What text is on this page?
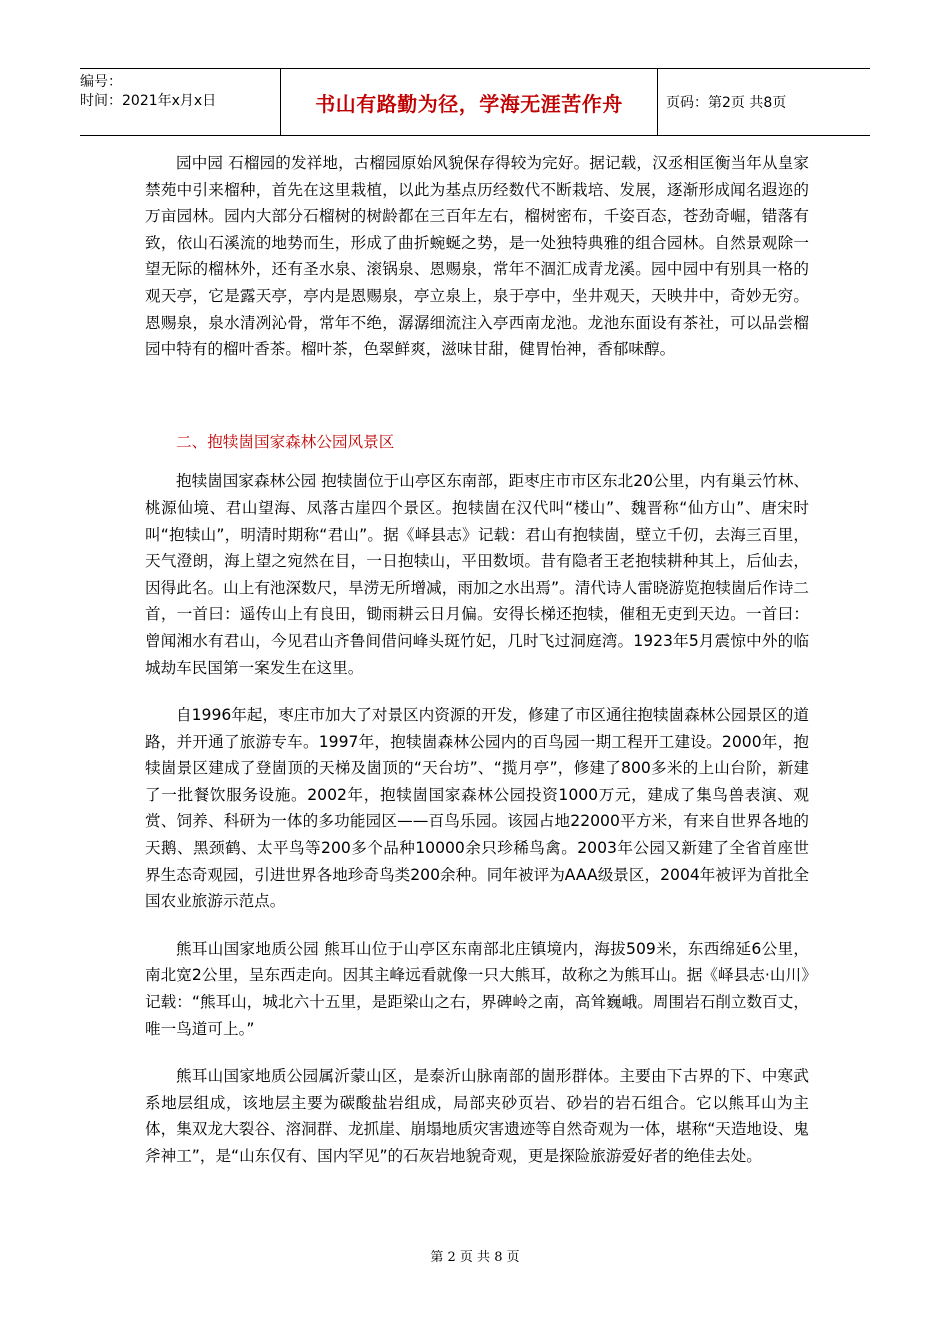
编号：
时间：2021年x月x日	书山有路勤为径，学海无涯苦作舟	页码：第2页 共8页

园中园 石榴园的发祥地，古榴园原始风貌保存得较为完好。据记载，汉丞相匡衡当年从皇家禁苑中引来榴种，首先在这里栽植，以此为基点历经数代不断栽培、发展，逐渐形成闻名遐迩的万亩园林。园内大部分石榴树的树龄都在三百年左右，榴树密布，千姿百态，苍劲奇崛，错落有致，依山石溪流的地势而生，形成了曲折蜿蜒之势，是一处独特典雅的组合园林。自然景观除一望无际的榴林外，还有圣水泉、滚锅泉、恩赐泉，常年不涸汇成青龙溪。园中园中有别具一格的观天亭，它是露天亭，亭内是恩赐泉，亭立泉上，泉于亭中，坐井观天，天映井中，奇妙无穷。恩赐泉，泉水清冽沁骨，常年不绝，潺潺细流注入亭西南龙池。龙池东面设有茶社，可以品尝榴园中特有的榴叶香茶。榴叶茶，色翠鲜爽，滋味甘甜，健胃怡神，香郁味醇。

二、抱犊崮国家森林公园风景区

抱犊崮国家森林公园 抱犊崮位于山亭区东南部，距枣庄市市区东北20公里，内有巢云竹林、桃源仙境、君山望海、凤落古崖四个景区。抱犊崮在汉代叫“楼山”、魏晋称“仙方山”、唐宋时叫“抱犊山”，明清时期称“君山”。据《峄县志》记载：君山有抱犊崮，壁立千仞，去海三百里，天气澄朗，海上望之宛然在目，一日抱犊山，平田数顷。昔有隐者王老抱犊耕种其上，后仙去，因得此名。山上有池深数尺，旱涝无所增减，雨加之水出焉”。清代诗人雷晓游览抱犊崮后作诗二首，一首曰：遥传山上有良田，锄雨耕云日月偏。安得长梯还抱犊，催租无吏到天边。一首曰：曾闻湘水有君山，今见君山齐鲁间借问峰头斑竹妃，几时飞过洞庭湾。1923年5月震惊中外的临城劫车民国第一案发生在这里。

自1996年起，枣庄市加大了对景区内资源的开发，修建了市区通往抱犊崮森林公园景区的道路，并开通了旅游专车。1997年，抱犊崮森林公园内的百鸟园一期工程开工建设。2000年，抱犊崮景区建成了登崮顶的天梯及崮顶的“天台坊”、“揽月亭”，修建了800多米的上山台阶，新建了一批餐饮服务设施。2002年，抱犊崮国家森林公园投资1000万元，建成了集鸟兽表演、观赏、饲养、科研为一体的多功能园区——百鸟乐园。该园占地22000平方米，有来自世界各地的天鹅、黑颈鹤、太平鸟等200多个品种10000余只珍稀鸟禽。2003年公园又新建了全省首座世界生态奇观园，引进世界各地珍奇鸟类200余种。同年被评为AAA级景区，2004年被评为首批全国农业旅游示范点。

熊耳山国家地质公园 熊耳山位于山亭区东南部北庄镇境内，海拔509米，东西绵延6公里，南北宽2公里，呈东西走向。因其主峰远看就像一只大熊耳，故称之为熊耳山。据《峄县志·山川》记载：“熊耳山，城北六十五里，是距梁山之右，界碑岭之南，高耸巍峨。周围岩石削立数百丈，唯一鸟道可上。”

熊耳山国家地质公园属沂蒙山区，是泰沂山脉南部的崮形群体。主要由下古界的下、中寒武系地层组成，该地层主要为碳酸盐岩组成，局部夹砂页岩、砂岩的岩石组合。它以熊耳山为主体，集双龙大裂谷、溶洞群、龙抓崖、崩塌地质灾害遗迹等自然奇观为一体，堪称“天造地设、鬼斧神工”，是“山东仅有、国内罕见”的石灰岩地貌奇观，更是探险旅游爱好者的绝佳去处。

第 2 页 共 8 页
